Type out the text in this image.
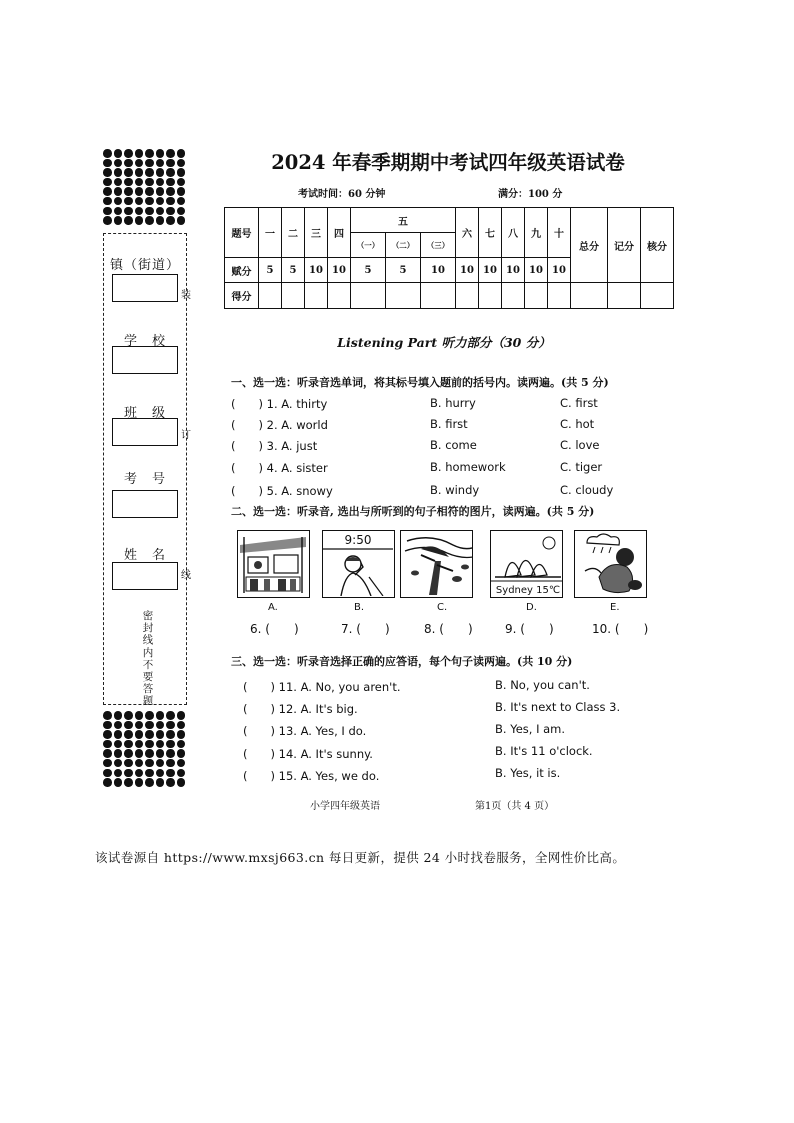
镇（街道）
学　校
班　级
考　号
姓　名
装
订
线
密封线内不要答题
2024 年春季期期中考试四年级英语试卷
考试时间：60 分钟	满分：100 分
题号	一	二	三	四	五			六	七	八	九	十	总分	记分	核分
					（一）	（二）	（三）								
赋分	5	5	10	10	5	5	10	10	10	10	10	10			
得分															
Listening Part 听力部分（30 分）
一、选一选：听录音选单词，将其标号填入题前的括号内。读两遍。(共 5 分)
(　　) 1. A. thirty	B. hurry	C. first
(　　) 2. A. world	B. first	C. hot
(　　) 3. A. just	B. come	C. love
(　　) 4. A. sister	B. homework	C. tiger
(　　) 5. A. snowy	B. windy	C. cloudy
二、选一选：听录音, 选出与所听到的句子相符的图片，读两遍。(共 5 分)
9:50
Sydney 15℃
A.	B.	C.	D.	E.
6. (　　)	7. (　　)	8. (　　)	9. (　　)	10. (　　)
三、选一选：听录音选择正确的应答语，每个句子读两遍。(共 10 分)
(　　) 11. A. No, you aren't.	B. No, you can't.
(　　) 12. A. It's big.	B. It's next to Class 3.
(　　) 13. A. Yes, I do.	B. Yes, I am.
(　　) 14. A. It's sunny.	B. It's 11 o'clock.
(　　) 15. A. Yes, we do.	B. Yes, it is.
小学四年级英语	第1页（共 4 页）
该试卷源自 https://www.mxsj663.cn 每日更新，提供 24 小时找卷服务，全网性价比高。
